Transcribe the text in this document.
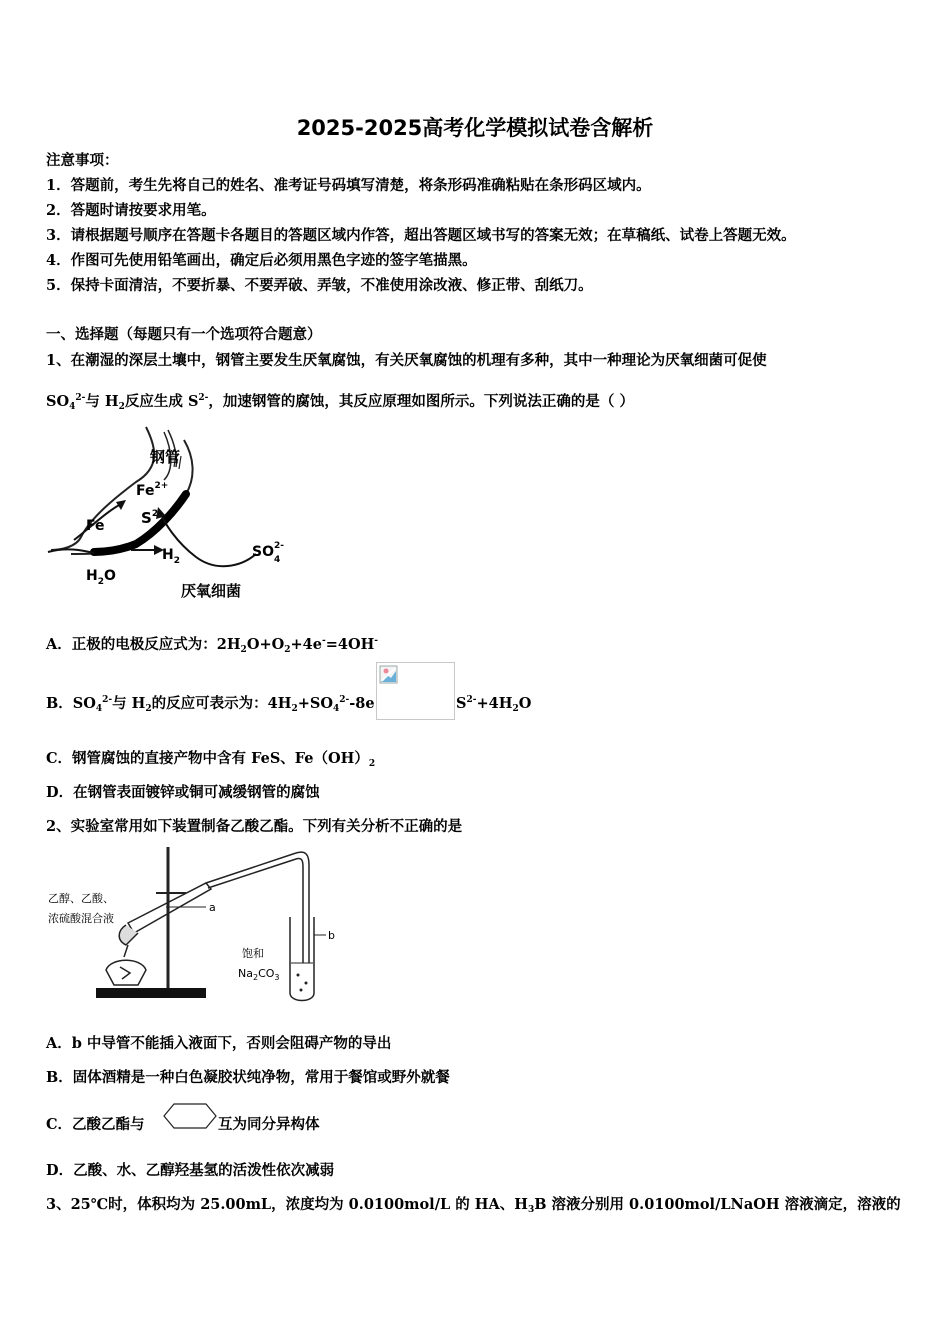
2025-2025高考化学模拟试卷含解析
注意事项：
1．答题前，考生先将自己的姓名、准考证号码填写清楚，将条形码准确粘贴在条形码区域内。
2．答题时请按要求用笔。
3．请根据题号顺序在答题卡各题目的答题区域内作答，超出答题区域书写的答案无效；在草稿纸、试卷上答题无效。
4．作图可先使用铅笔画出，确定后必须用黑色字迹的签字笔描黑。
5．保持卡面清洁，不要折暴、不要弄破、弄皱，不准使用涂改液、修正带、刮纸刀。
一、选择题（每题只有一个选项符合题意）
1、在潮湿的深层土壤中，钢管主要发生厌氧腐蚀，有关厌氧腐蚀的机理有多种，其中一种理论为厌氧细菌可促使
$SO_4^{2-}$与 $H_2$反应生成 $S^{2-}$，加速钢管的腐蚀，其反应原理如图所示。下列说法正确的是（ ）
钢管
$Fe^{2+}$
Fe $S^{2-}$
$H_2$
$SO^{2-}4$
$H_2O$
厌氧细菌
A．正极的电极反应式为：$2H_2O+O_2+4e^-=4OH^-$
B．$SO_4^{2-}$与 $H_2$的反应可表示为：$4H_2+SO_4^{2-}-8e$	$S^{2-}+4H_2O$
C．钢管腐蚀的直接产物中含有 FeS、$Fe(OH)_2$
D．在钢管表面镀锌或铜可减缓钢管的腐蚀
2、实验室常用如下装置制备乙酸乙酯。下列有关分析不正确的是
乙醇、乙酸、
浓硫酸混合液
a
b
饱和
$Na_2CO_3$
A．b 中导管不能插入液面下，否则会阻碍产物的导出
B．固体酒精是一种白色凝胶状纯净物，常用于餐馆或野外就餐
C．乙酸乙酯与	互为同分异构体
D．乙酸、水、乙醇羟基氢的活泼性依次减弱
3、25℃时，体积均为 25.00mL，浓度均为 0.0100mol/L 的 HA、$H_3B$ 溶液分别用 0.0100mol/LNaOH 溶液滴定，溶液的
